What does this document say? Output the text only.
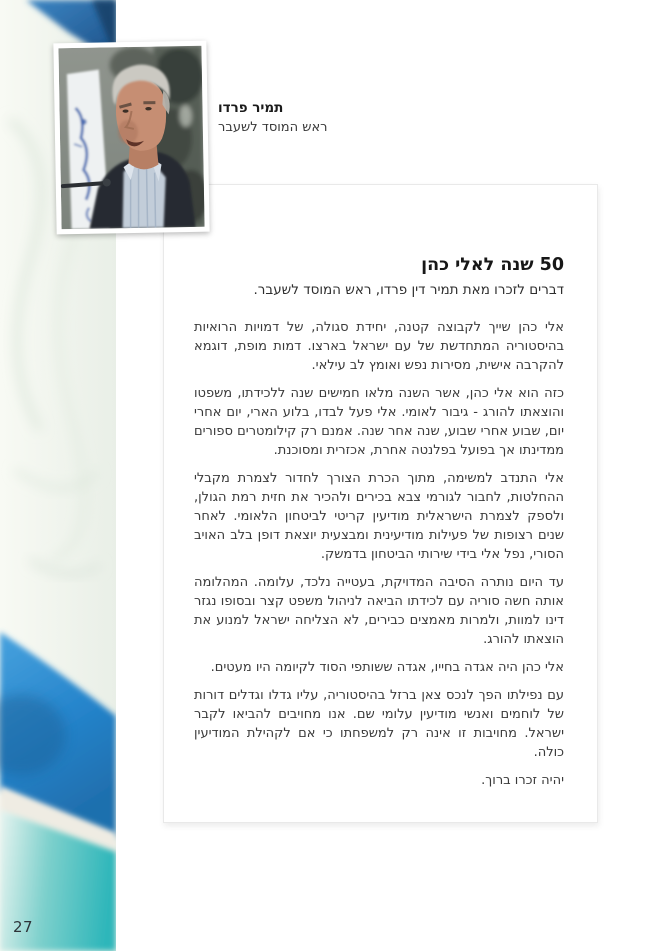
27
תמיר פרדו
ראש המוסד לשעבר
50 שנה לאלי כהן
דברים לזכרו מאת תמיר דין פרדו, ראש המוסד לשעבר.

אלי כהן שייך לקבוצה קטנה, יחידת סגולה, של דמויות הרואיות בהיסטוריה המתחדשת של עם ישראל בארצו. דמות מופת, דוגמא להקרבה אישית, מסירות נפש ואומץ לב עילאי.

כזה הוא אלי כהן, אשר השנה מלאו חמישים שנה ללכידתו, משפטו והוצאתו להורג - גיבור לאומי. אלי פעל לבדו, בלוע הארי, יום אחרי יום, שבוע אחרי שבוע, שנה אחר שנה. אמנם רק קילומטרים ספורים ממדינתו אך בפועל בפלנטה אחרת, אכזרית ומסוכנת.

אלי התנדב למשימה, מתוך הכרת הצורך לחדור לצמרת מקבלי ההחלטות, לחבור לגורמי צבא בכירים ולהכיר את חזית רמת הגולן, ולספק לצמרת הישראלית מודיעין קריטי לביטחון הלאומי. לאחר שנים רצופות של פעילות מודיעינית ומבצעית יוצאת דופן בלב האויב הסורי, נפל אלי בידי שירותי הביטחון בדמשק.

עד היום נותרה הסיבה המדויקת, בעטייה נלכד, עלומה. המהלומה אותה חשה סוריה עם לכידתו הביאה לניהול משפט קצר ובסופו נגזר דינו למוות, ולמרות מאמצים כבירים, לא הצליחה ישראל למנוע את הוצאתו להורג.

אלי כהן היה אגדה בחייו, אגדה ששותפי הסוד לקיומה היו מעטים.

עם נפילתו הפך לנכס צאן ברזל בהיסטוריה, עליו גדלו וגדלים דורות של לוחמים ואנשי מודיעין עלומי שם. אנו מחויבים להביאו לקבר ישראל. מחויבות זו אינה רק למשפחתו כי אם לקהילת המודיעין כולה.

יהיה זכרו ברוך.
